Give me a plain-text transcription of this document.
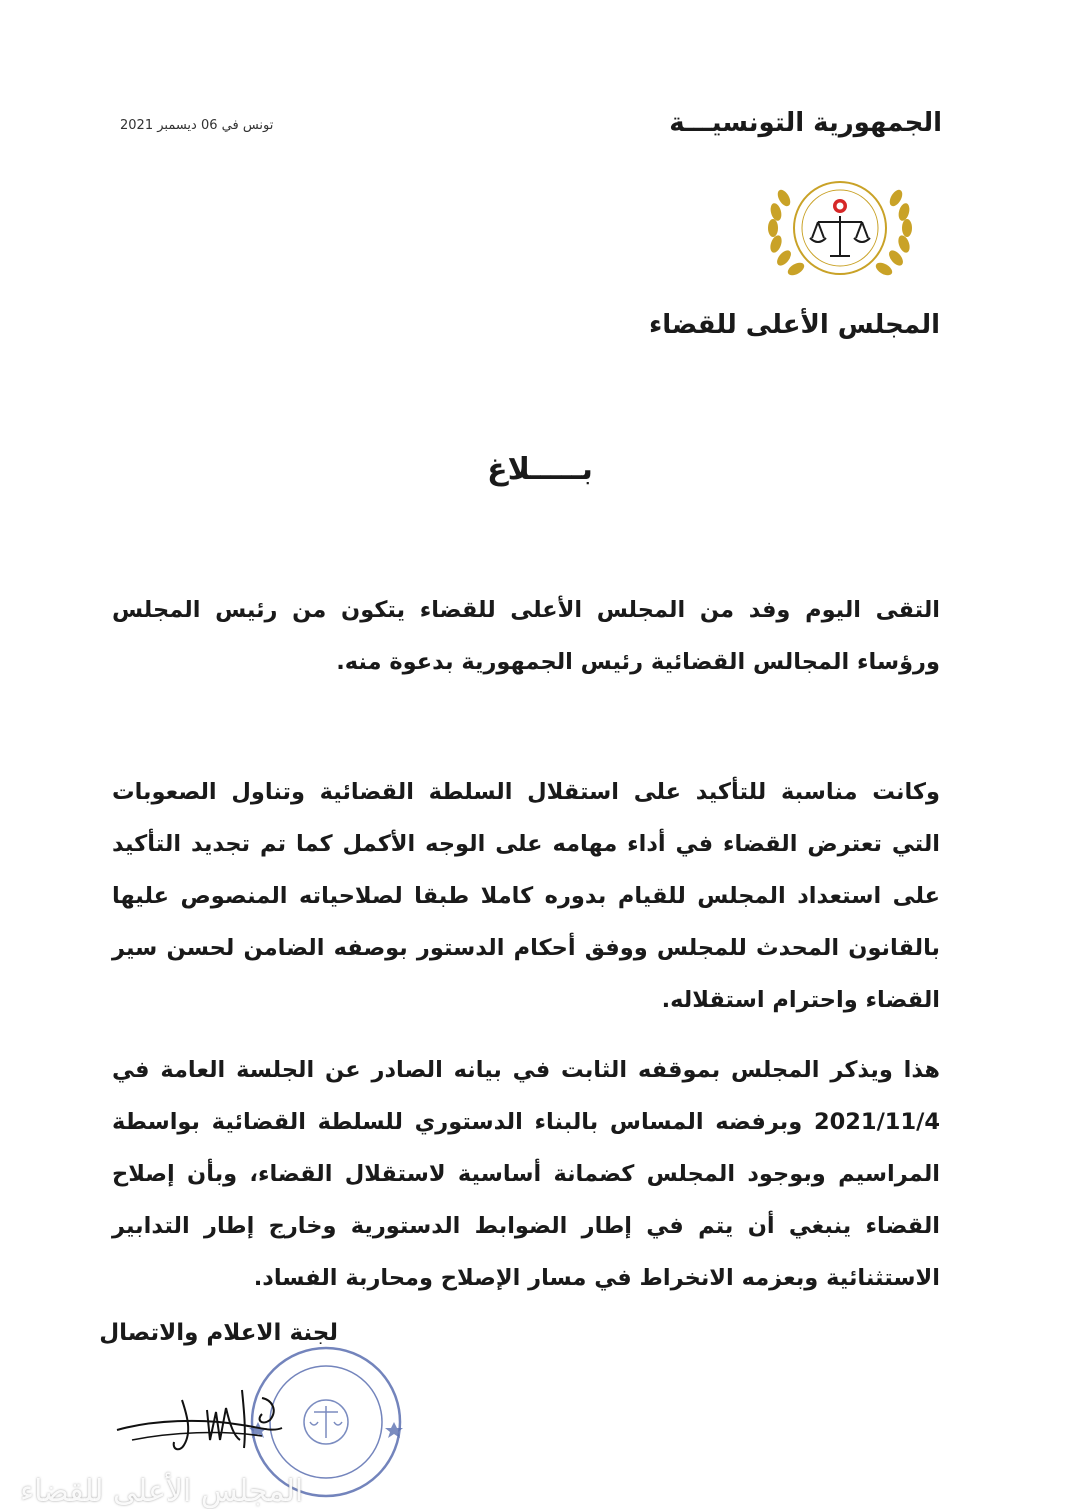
الجمهورية التونسيـــة
تونس في 06 ديسمبر 2021
المجلس الأعلى للقضاء
بـــــلاغ

التقى اليوم وفد من المجلس الأعلى للقضاء يتكون من رئيس المجلس ورؤساء المجالس القضائية رئيس الجمهورية بدعوة منه.

وكانت مناسبة للتأكيد على استقلال السلطة القضائية وتناول الصعوبات التي تعترض القضاء في أداء مهامه على الوجه الأكمل كما تم تجديد التأكيد على استعداد المجلس للقيام بدوره كاملا طبقا لصلاحياته المنصوص عليها بالقانون المحدث للمجلس ووفق أحكام الدستور بوصفه الضامن لحسن سير القضاء واحترام استقلاله.

هذا ويذكر المجلس بموقفه الثابت في بيانه الصادر عن الجلسة العامة في 2021/11/4 وبرفضه المساس بالبناء الدستوري للسلطة القضائية بواسطة المراسيم وبوجود المجلس كضمانة أساسية لاستقلال القضاء، وبأن إصلاح القضاء ينبغي أن يتم في إطار الضوابط الدستورية وخارج إطار التدابير الاستثنائية وبعزمه الانخراط في مسار الإصلاح ومحاربة الفساد.

لجنة الاعلام والاتصال
المجلس الأعلى للقضاء
